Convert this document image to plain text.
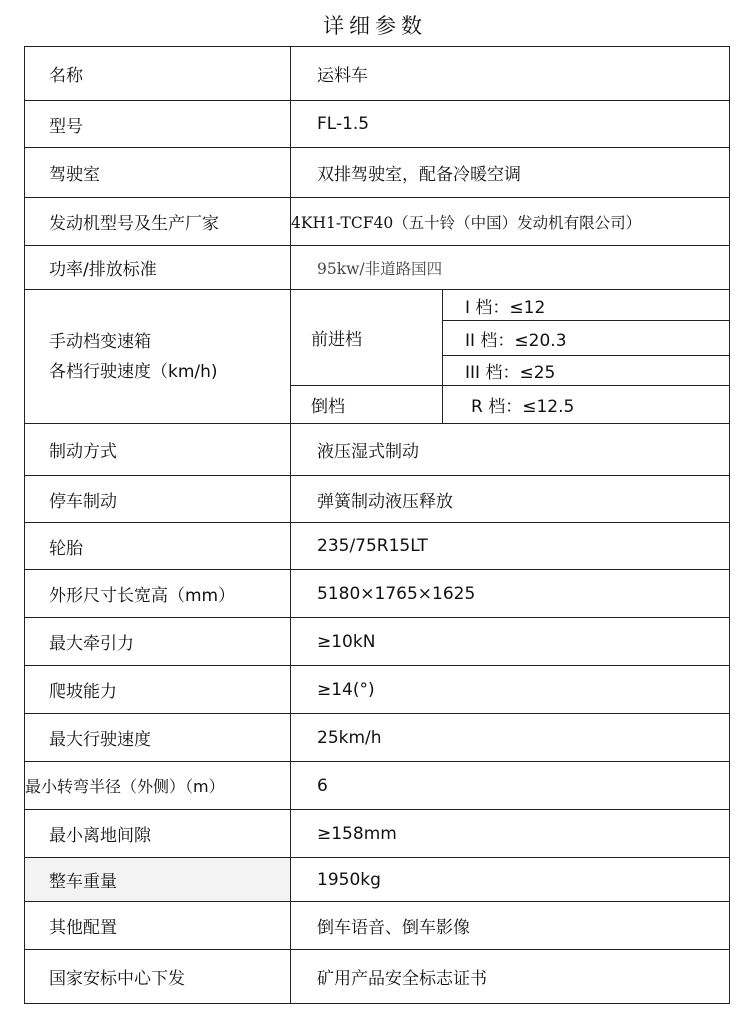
详细参数
名称	运料车	
型号	FL-1.5	
驾驶室	双排驾驶室，配备冷暖空调	
发动机型号及生产厂家	4KH1-TCF40（五十铃（中国）发动机有限公司）	
功率/排放标准	95kw/非道路国四	

手动档变速箱
各档行驶速度（km/h)	前进档	I 档：≤12
		II 档：≤20.3
		III 档：≤25
	倒档	R 档：≤12.5
制动方式	液压湿式制动	
停车制动	弹簧制动液压释放	
轮胎	235/75R15LT	
外形尺寸长宽高（mm）	5180×1765×1625	
最大牵引力	≥10kN	
爬坡能力	≥14(°)	
最大行驶速度	25km/h	
最小转弯半径（外侧）（m）	6	
最小离地间隙	≥158mm	
整车重量	1950kg	
其他配置	倒车语音、倒车影像	
国家安标中心下发	矿用产品安全标志证书	
